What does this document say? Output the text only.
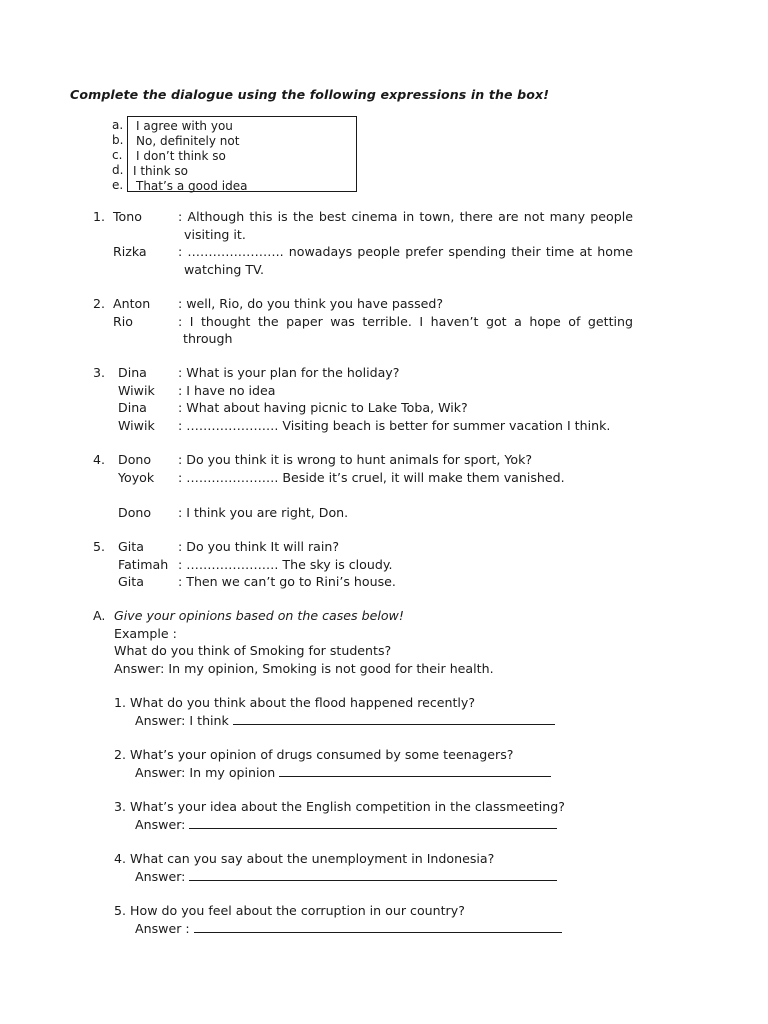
Complete the dialogue using the following expressions in the box!
a.
b.
c.
d.
e.
I agree with you
No, definitely not
I don’t think so
I think so
That’s a good idea
1. Tono	: Although this is the best cinema in town, there are not many people
visiting it.
Rizka	: ………………….. nowadays people prefer spending their time at home
watching TV.
2. Anton	: well, Rio, do you think you have passed?
Rio	: I thought the paper was terrible. I haven’t got a hope of getting
through
3.	Dina	: What is your plan for the holiday?
Wiwik	: I have no idea
Dina	: What about having picnic to Lake Toba, Wik?
Wiwik	: …………………. Visiting beach is better for summer vacation I think.
4.	Dono	: Do you think it is wrong to hunt animals for sport, Yok?
Yoyok	: …………………. Beside it’s cruel, it will make them vanished.
Dono	: I think you are right, Don.
5.	Gita	: Do you think It will rain?
Fatimah : …………………. The sky is cloudy.
Gita	: Then we can’t go to Rini’s house.
A. Give your opinions based on the cases below!
Example :
What do you think of Smoking for students?
Answer: In my opinion, Smoking is not good for their health.
1. What do you think about the flood happened recently?
Answer: I think
2. What’s your opinion of drugs consumed by some teenagers?
Answer: In my opinion
3. What’s your idea about the English competition in the classmeeting?
Answer:
4. What can you say about the unemployment in Indonesia?
Answer:
5. How do you feel about the corruption in our country?
Answer :
